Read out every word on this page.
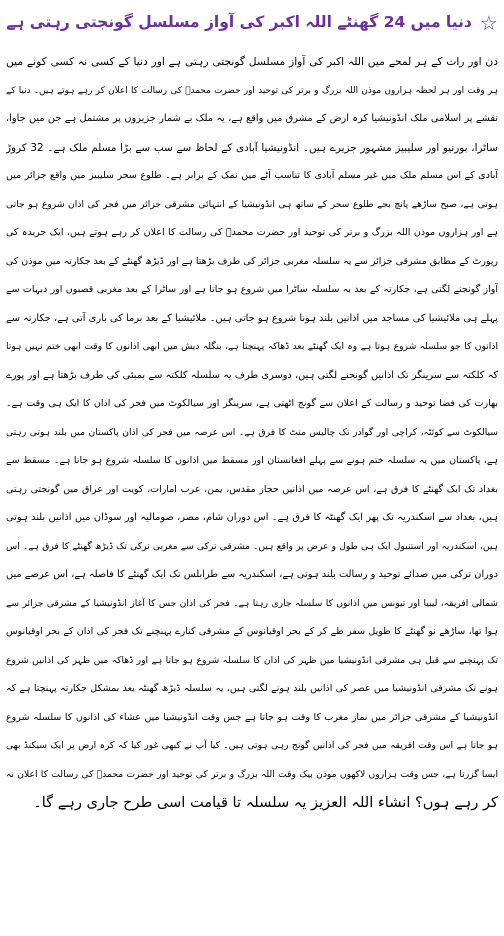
☆
دنیا میں 24 گھنٹے اللہ اکبر کی آواز مسلسل گونجتی رہتی ہے
دن اور رات کے ہر لمحے میں اللہ اکبر کی آواز مسلسل گونجتی رہتی ہے اور دنیا کے کسی نہ کسی کونے میں
ہر وقت اور ہر لحظہ ہزاروں موذن اللہ بزرگ و برتر کی توحید اور حضرت محمدؐ کی رسالت کا اعلان کر رہے ہوتے ہیں۔ دنیا کے
نقشے پر اسلامی ملک انڈونیشیا کرہ ارض کے مشرق میں واقع ہے، یہ ملک بے شمار جزیروں پر مشتمل ہے جن میں جاوا،
ساٹرا، بورنیو اور سلیبیز مشہور جزیرے ہیں۔ انڈونیشیا آبادی کے لحاظ سے سب سے بڑا مسلم ملک ہے۔ 32 کروڑ
آبادی کے اس مسلم ملک میں غیر مسلم آبادی کا تناسب آٹے میں نمک کے برابر ہے۔ طلوع سحر سلیبیز میں واقع جزائر میں
ہوتی ہے، صبح ساڑھے پانچ بجے طلوع سحر کے ساتھ ہی انڈونیشیا کے انتہائی مشرقی جزائر میں فجر کی اذان شروع ہو جاتی
ہے اور ہزاروں موذن اللہ بزرگ و برتر کی توحید اور حضرت محمدؐ کی رسالت کا اعلان کر رہے ہوتے ہیں، ایک جریدہ کی
رپورٹ کے مطابق مشرقی جزائر سے یہ سلسلہ مغربی جزائر کی طرف بڑھتا ہے اور ڈیڑھ گھنٹے کے بعد جکارتہ میں موذن کی
آواز گونجنے لگتی ہے، جکارتہ کے بعد یہ سلسلہ ساٹرا میں شروع ہو جاتا ہے اور ساٹرا کے بعد مغربی قصبوں اور دیہات سے
پہلے ہی ملائیشیا کی مساجد میں اذانیں بلند ہونا شروع ہو جاتی ہیں۔ ملائیشیا کے بعد برما کی باری آتی ہے، جکارتہ سے
اذانوں کا جو سلسلہ شروع ہوتا ہے وہ ایک گھنٹے بعد ڈھاکہ پہنچتا ہے، بنگلہ دیش میں ابھی اذانوں کا وقت ابھی ختم نہیں ہوتا
کہ کلکتہ سے سرینگر تک اذانیں گونجنے لگتی ہیں، دوسری طرف یہ سلسلہ کلکتہ سے بمبئی کی طرف بڑھتا ہے اور پورے
بھارت کی فضا توحید و رسالت کے اعلان سے گونج اٹھتی ہے، سرینگر اور سیالکوٹ میں فجر کی اذان کا ایک ہی وقت ہے۔
سیالکوٹ سے کوئٹہ، کراچی اور گوادر تک چالیس منٹ کا فرق ہے۔ اس عرصہ میں فجر کی اذان پاکستان میں بلند ہوتی رہتی
ہے، پاکستان میں یہ سلسلہ ختم ہونے سے پہلے افغانستان اور مسقط میں اذانوں کا سلسلہ شروع ہو جاتا ہے۔ مسقط سے
بغداد تک ایک گھنٹے کا فرق ہے، اس عرصہ میں اذانیں حجاز مقدس، یمن، عرب امارات، کویت اور عراق میں گونجتی رہتی
ہیں، بغداد سے اسکندریہ تک پھر ایک گھنٹہ کا فرق ہے۔ اس دوران شام، مصر، صومالیہ اور سوڈان میں اذانیں بلند ہوتی
ہیں، اسکندریہ اور استنبول ایک ہی طول و عرض پر واقع ہیں۔ مشرقی ترکی سے مغربی ترکی تک ڈیڑھ گھنٹے کا فرق ہے۔ اس
دوران ترکی میں صدائے توحید و رسالت بلند ہوتی ہے، اسکندریہ سے طرابلس تک ایک گھنٹے کا فاصلہ ہے، اس عرصے میں
شمالی افریقہ، لیبیا اور تیونس میں اذانوں کا سلسلہ جاری رہتا ہے۔ فجر کی اذان جس کا آغاز انڈونیشیا کے مشرقی جزائر سے
ہوا تھا، ساڑھے نو گھنٹے کا طویل سفر طے کر کے بحر اوقیانوس کے مشرقی کنارے پہنچنے تک فجر کی اذان کے بحر اوقیانوس
تک پہنچنے سے قبل ہی مشرقی انڈونیشیا میں ظہر کی اذان کا سلسلہ شروع ہو جاتا ہے اور ڈھاکہ میں ظہر کی اذانیں شروع
ہونے تک مشرقی انڈونیشیا میں عصر کی اذانیں بلند ہونے لگتی ہیں، یہ سلسلہ ڈیڑھ گھنٹہ بعد بمشکل جکارتہ پہنچتا ہے کہ
انڈونیشیا کے مشرقی جزائر میں نماز مغرب کا وقت ہو جاتا ہے جس وقت انڈونیشیا میں عشاء کی اذانوں کا سلسلہ شروع
ہو جاتا ہے اس وقت افریقہ میں فجر کی اذانیں گونج رہی ہوتی ہیں۔ کیا آپ نے کبھی غور کیا کہ کرہ ارض پر ایک سیکنڈ بھی
ایسا گزرتا ہے، جس وقت ہزاروں لاکھوں موذن بیک وقت اللہ بزرگ و برتر کی توحید اور حضرت محمدؐ کی رسالت کا اعلان نہ
کر رہے ہوں؟ انشاء اللہ العزیز یہ سلسلہ تا قیامت اسی طرح جاری رہے گا۔
